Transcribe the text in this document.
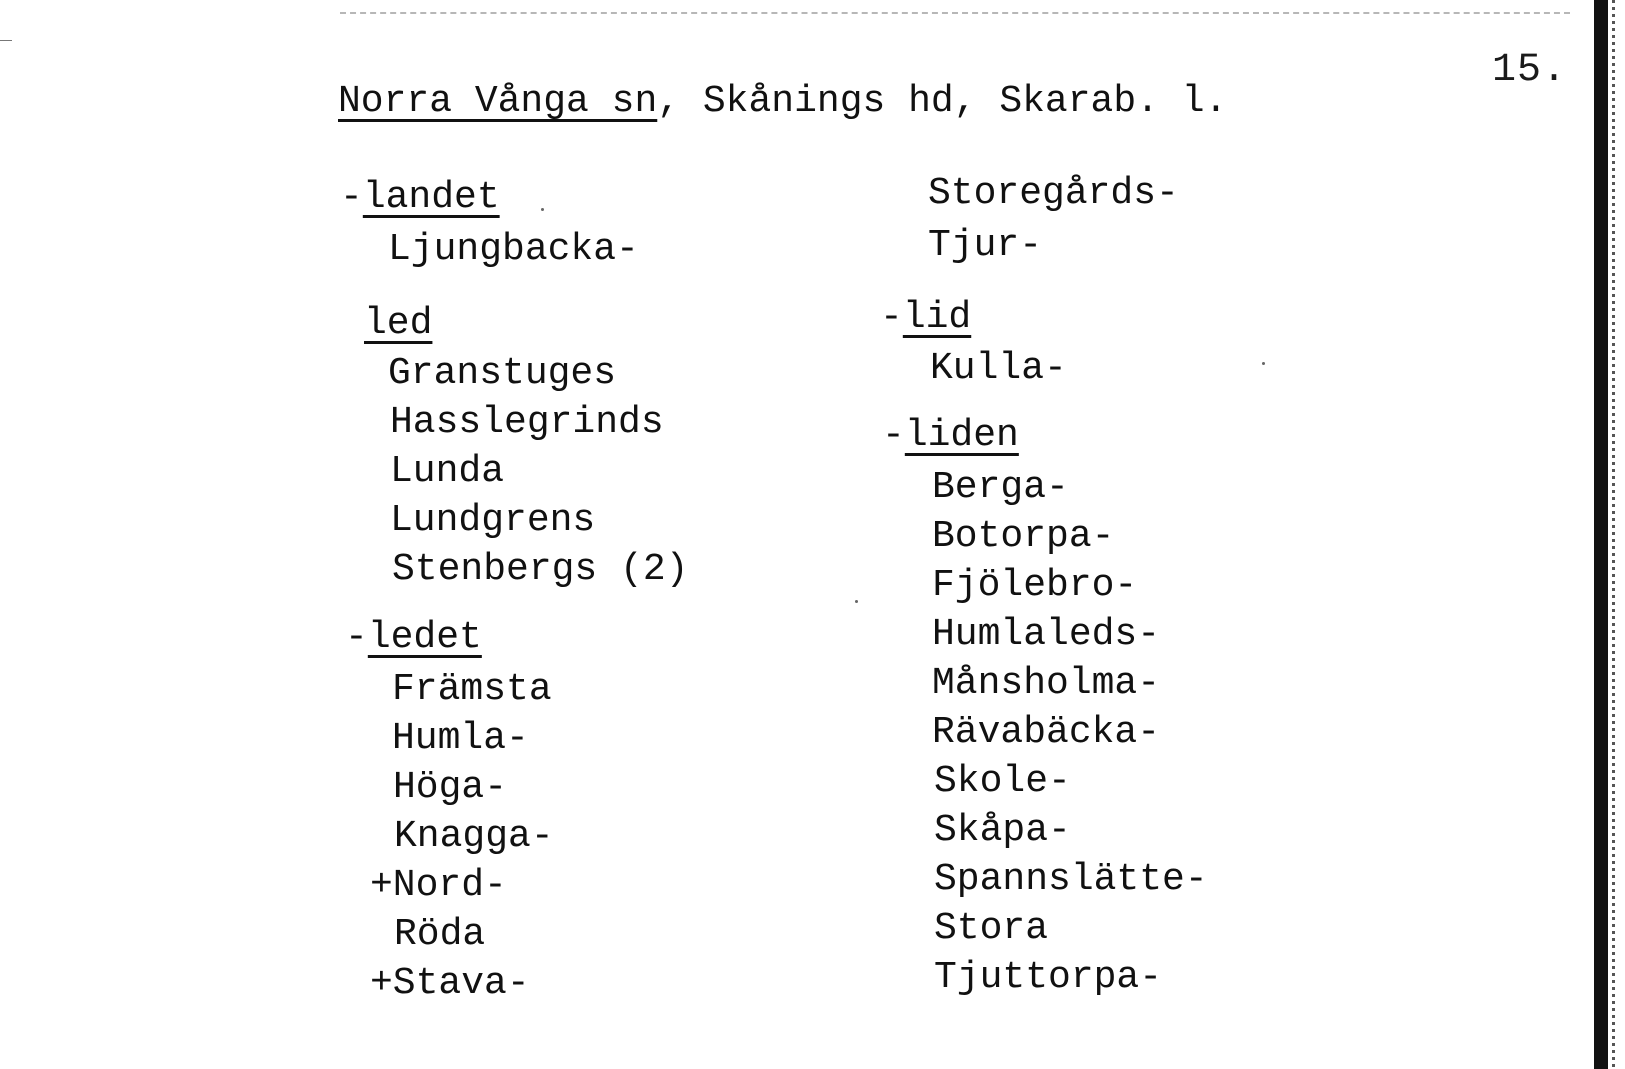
15.
Norra Vånga sn, Skånings hd, Skarab. l.
-landet
Ljungbacka-
led
Granstuges
Hasslegrinds
Lunda
Lundgrens
Stenbergs (2)
-ledet
Främsta
Humla-
Höga-
Knagga-
+Nord-
Röda
+Stava-
Storegårds-
Tjur-
-lid
Kulla-
-liden
Berga-
Botorpa-
Fjölebro-
Humlaleds-
Månsholma-
Rävabäcka-
Skole-
Skåpa-
Spannslätte-
Stora
Tjuttorpa-
